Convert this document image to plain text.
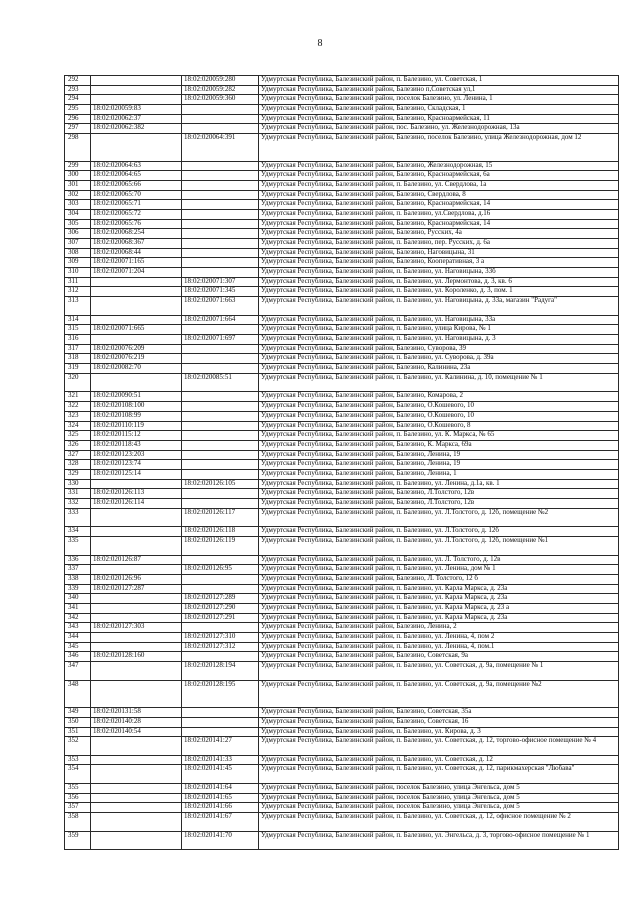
8
292		18:02:020059:280	Удмуртская Республика, Балезинский район, п. Балезино, ул. Советская, 1
293		18:02:020059:282	Удмуртская Республика, Балезинский район, Балезино п,Советская ул,1
294		18:02:020059:360	Удмуртская Республика, Балезинский район, поселок Балезино, ул. Ленина, 1
295	18:02:020059:83		Удмуртская Республика, Балезинский район, Балезино, Складская, 1
296	18:02:020062:37		Удмуртская Республика, Балезинский район, Балезино, Красноармейская, 11
297	18:02:020062:382		Удмуртская Республика, Балезинский район, пос. Балезино, ул. Железнодорожная, 13а
298		18:02:020064:391	Удмуртская Республика, Балезинский район, Балезино, поселок Балезино, улица Железнодорожная, дом 12
299	18:02:020064:63		Удмуртская Республика, Балезинский район, Балезино, Железнодорожная, 15
300	18:02:020064:65		Удмуртская Республика, Балезинский район, Балезино, Красноармейская, 6а
301	18:02:020065:66		Удмуртская Республика, Балезинский район, п. Балезино, ул. Свердлова, 1а
302	18:02:020065:70		Удмуртская Республика, Балезинский район, Балезино, Свердлова, 8
303	18:02:020065:71		Удмуртская Республика, Балезинский район, Балезино, Красноармейская, 14
304	18:02:020065:72		Удмуртская Республика, Балезинский район, п. Балезино, ул.Свердлова, д.16
305	18:02:020065:76		Удмуртская Республика, Балезинский район, Балезино, Красноармейская, 14
306	18:02:020068:254		Удмуртская Республика, Балезинский район, Балезино, Русских, 4а
307	18:02:020068:367		Удмуртская Республика, Балезинский район, п. Балезино, пер. Русских, д. 6а
308	18:02:020068:44		Удмуртская Республика, Балезинский район, Балезино, Наговицына, 31
309	18:02:020071:165		Удмуртская Республика, Балезинский район, Балезино, Кооперативная, 3 а
310	18:02:020071:204		Удмуртская Республика, Балезинский район, п. Балезино, ул. Наговицына, 33б
311		18:02:020071:307	Удмуртская Республика, Балезинский район, п. Балезино, ул. Лермонтова, д. 3, кв. 6
312		18:02:020071:345	Удмуртская Республика, Балезинский район, п. Балезино, ул. Короленко, д. 3, пом. 1
313		18:02:020071:663	Удмуртская Республика, Балезинский район, п. Балезино, ул. Наговицына, д. 33а, магазин "Радуга"
314		18:02:020071:664	Удмуртская Республика, Балезинский район, п. Балезино, ул. Наговицына, 33а
315	18:02:020071:665		Удмуртская Республика, Балезинский район, п. Балезино, улица Кирова, № 1
316		18:02:020071:697	Удмуртская Республика, Балезинский район, п. Балезино, ул. Наговицына, д. 3
317	18:02:020076:209		Удмуртская Республика, Балезинский район, Балезино, Суворова, 39
318	18:02:020076:219		Удмуртская Республика, Балезинский район, п. Балезино, ул. Суворова, д. 39а
319	18:02:020082:70		Удмуртская Республика, Балезинский район, Балезино, Калинина, 23а
320		18:02:020085:51	Удмуртская Республика, Балезинский район, п. Балезино, ул. Калинина, д. 10, помещение № 1
321	18:02:020090:51		Удмуртская Республика, Балезинский район, Балезино, Комарова, 2
322	18:02:020108:100		Удмуртская Республика, Балезинский район, Балезино, О.Кошевого, 10
323	18:02:020108:99		Удмуртская Республика, Балезинский район, Балезино, О.Кошевого, 10
324	18:02:020110:119		Удмуртская Республика, Балезинский район, Балезино, О.Кошевого, 8
325	18:02:020115:12		Удмуртская Республика, Балезинский район, п. Балезино, ул. К. Маркса, № 65
326	18:02:020118:43		Удмуртская Республика, Балезинский район, Балезино, К. Маркса, 69а
327	18:02:020123:203		Удмуртская Республика, Балезинский район, Балезино, Ленина, 19
328	18:02:020123:74		Удмуртская Республика, Балезинский район, Балезино, Ленина, 19
329	18:02:020125:14		Удмуртская Республика, Балезинский район, Балезино, Ленина, 1
330		18:02:020126:105	Удмуртская Республика, Балезинский район, п. Балезино, ул. Ленина, д.1а, кв. 1
331	18:02:020126:113		Удмуртская Республика, Балезинский район, Балезино, Л.Толстого, 12в
332	18:02:020126:114		Удмуртская Республика, Балезинский район, Балезино, Л.Толстого, 12в
333		18:02:020126:117	Удмуртская Республика, Балезинский район, п. Балезино, ул. Л.Толстого, д. 12б, помещение №2
334		18:02:020126:118	Удмуртская Республика, Балезинский район, п. Балезино, ул. Л.Толстого, д. 12б
335		18:02:020126:119	Удмуртская Республика, Балезинский район, п. Балезино, ул. Л.Толстого, д. 12б, помещение №1
336	18:02:020126:87		Удмуртская Республика, Балезинский район, п. Балезино, ул. Л. Толстого, д. 12в
337		18:02:020126:95	Удмуртская Республика, Балезинский район, п. Балезино, ул. Ленина, дом № 1
338	18:02:020126:96		Удмуртская Республика, Балезинский район, Балезино, Л. Толстого, 12 б
339	18:02:020127:287		Удмуртская Республика, Балезинский район, п. Балезино, ул. Карла Маркса, д. 23а
340		18:02:020127:289	Удмуртская Республика, Балезинский район, п. Балезино, ул. Карла Маркса, д. 23а
341		18:02:020127:290	Удмуртская Республика, Балезинский район, п. Балезино, ул. Карла Маркса, д. 23 а
342		18:02:020127:291	Удмуртская Республика, Балезинский район, п. Балезино, ул. Карла Маркса, д. 23а
343	18:02:020127:303		Удмуртская Республика, Балезинский район, Балезино, Ленина, 2
344		18:02:020127:310	Удмуртская Республика, Балезинский район, п. Балезино, ул. Ленина, 4, пом 2
345		18:02:020127:312	Удмуртская Республика, Балезинский район, п. Балезино, ул. Ленина, 4, пом.1
346	18:02:020128:160		Удмуртская Республика, Балезинский район, Балезино, Советская, 9а
347		18:02:020128:194	Удмуртская Республика, Балезинский район, п. Балезино, ул. Советская, д. 9а, помещение № 1
348		18:02:020128:195	Удмуртская Республика, Балезинский район, п. Балезино, ул. Советская, д. 9а, помещение №2
349	18:02:020131:58		Удмуртская Республика, Балезинский район, Балезино, Советская, 35а
350	18:02:020140:28		Удмуртская Республика, Балезинский район, Балезино, Советская, 16
351	18:02:020140:54		Удмуртская Республика, Балезинский район, п. Балезино, ул. Кирова, д. 3
352		18:02:020141:27	Удмуртская Республика, Балезинский район, п. Балезино, ул. Советская, д. 12, торгово-офисное помещение № 4
353		18:02:020141:33	Удмуртская Республика, Балезинский район, п. Балезино, ул. Советская, д. 12
354		18:02:020141:45	Удмуртская Республика, Балезинский район, п. Балезино, ул. Советская, д. 12, парикмахерская "Любава"
355		18:02:020141:64	Удмуртская Республика, Балезинский район, поселок Балезино, улица Энгельса, дом 5
356		18:02:020141:65	Удмуртская Республика, Балезинский район, поселок Балезино, улица Энгельса, дом 5
357		18:02:020141:66	Удмуртская Республика, Балезинский район, поселок Балезино, улица Энгельса, дом 5
358		18:02:020141:67	Удмуртская Республика, Балезинский район, п. Балезино, ул. Советская, д. 12, офисное помещение № 2
359		18:02:020141:70	Удмуртская Республика, Балезинский район, п. Балезино, ул. Энгельса, д. 3, торгово-офисное помещение № 1
